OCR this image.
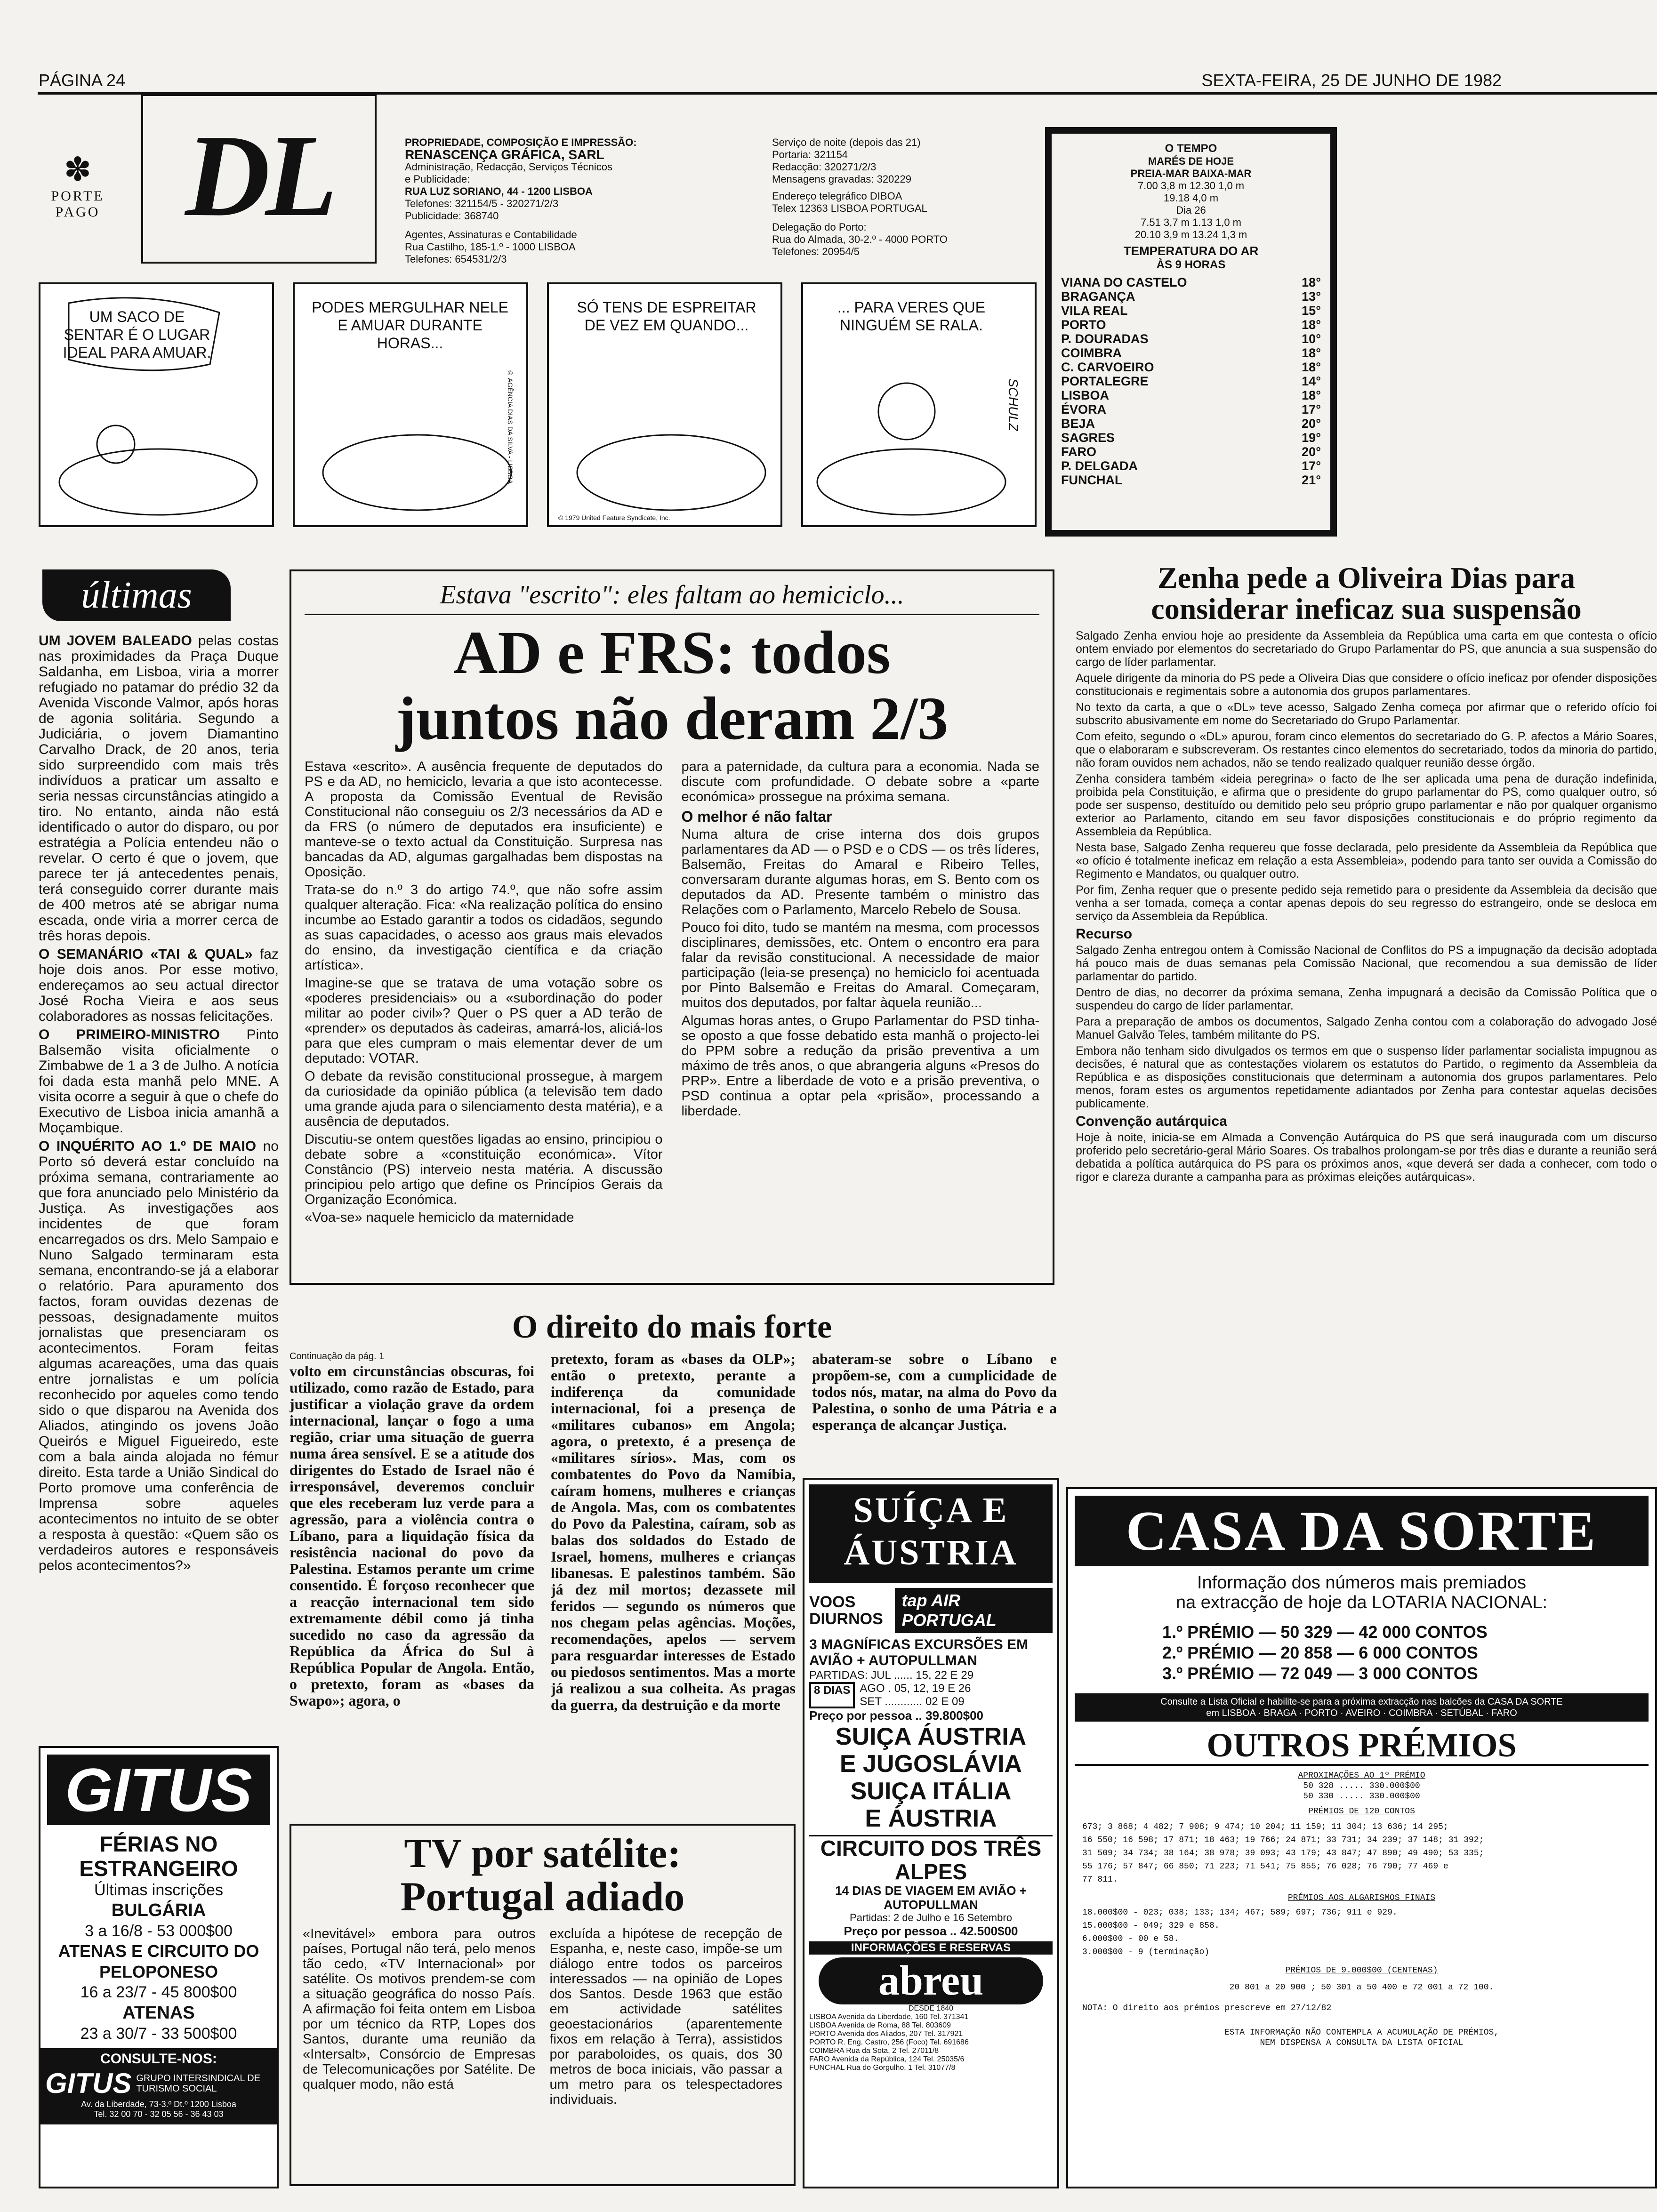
PÁGINA 24	SEXTA-FEIRA, 25 DE JUNHO DE 1982
✽
PORTE
PAGO DL	PROPRIEDADE, COMPOSIÇÃO E IMPRESSÃO:
RENASCENÇA GRÁFICA, SARL
Administração, Redacção, Serviços Técnicos
e Publicidade:
RUA LUZ SORIANO, 44 - 1200 LISBOA
Telefones: 321154/5 - 320271/2/3
Publicidade: 368740
Agentes, Assinaturas e Contabilidade
Rua Castilho, 185-1.º - 1000 LISBOA
Telefones: 654531/2/3
Serviço de noite (depois das 21)
Portaria: 321154
Redacção: 320271/2/3
Mensagens gravadas: 320229
Endereço telegráfico DIBOA
Telex 12363 LISBOA PORTUGAL
Delegação do Porto:
Rua do Almada, 30-2.º - 4000 PORTO
Telefones: 20954/5
UM SACO DE SENTAR É O LUGAR IDEAL PARA AMUAR.
PODES MERGULHAR NELE E AMUAR DURANTE HORAS...
© AGÊNCIA DIAS DA SILVA - LISBOA
SÓ TENS DE ESPREITAR DE VEZ EM QUANDO...
© 1979 United Feature Syndicate, Inc.
... PARA VERES QUE NINGUÉM SE RALA.
SCHULZ
O TEMPO
MARÉS DE HOJE
PREIA-MAR BAIXA-MAR
7.00 3,8 m 12.30 1,0 m
19.18 4,0 m
Dia 26
7.51 3,7 m 1.13 1,0 m
20.10 3,9 m 13.24 1,3 m
TEMPERATURA DO AR
ÀS 9 HORAS
VIANA DO CASTELO	18°
BRAGANÇA	13°
VILA REAL	15°
PORTO	18°
P. DOURADAS	10°
COIMBRA	18°
C. CARVOEIRO	18°
PORTALEGRE	14°
LISBOA	18°
ÉVORA	17°
BEJA	20°
SAGRES	19°
FARO	20°
P. DELGADA	17°
FUNCHAL	21°
últimas

UM JOVEM BALEADO pelas costas nas proximidades da Praça Duque Saldanha, em Lisboa, viria a morrer refugiado no patamar do prédio 32 da Avenida Visconde Valmor, após horas de agonia solitária. Segundo a Judiciária, o jovem Diamantino Carvalho Drack, de 20 anos, teria sido surpreendido com mais três indivíduos a praticar um assalto e seria nessas circunstâncias atingido a tiro. No entanto, ainda não está identificado o autor do disparo, ou por estratégia a Polícia entendeu não o revelar. O certo é que o jovem, que parece ter já antecedentes penais, terá conseguido correr durante mais de 400 metros até se abrigar numa escada, onde viria a morrer cerca de três horas depois.

O SEMANÁRIO «TAI & QUAL» faz hoje dois anos. Por esse motivo, endereçamos ao seu actual director José Rocha Vieira e aos seus colaboradores as nossas felicitações.

O PRIMEIRO-MINISTRO Pinto Balsemão visita oficialmente o Zimbabwe de 1 a 3 de Julho. A notícia foi dada esta manhã pelo MNE. A visita ocorre a seguir à que o chefe do Executivo de Lisboa inicia amanhã a Moçambique.

O INQUÉRITO AO 1.º DE MAIO no Porto só deverá estar concluído na próxima semana, contrariamente ao que fora anunciado pelo Ministério da Justiça. As investigações aos incidentes de que foram encarregados os drs. Melo Sampaio e Nuno Salgado terminaram esta semana, encontrando-se já a elaborar o relatório. Para apuramento dos factos, foram ouvidas dezenas de pessoas, designadamente muitos jornalistas que presenciaram os acontecimentos. Foram feitas algumas acareações, uma das quais entre jornalistas e um polícia reconhecido por aqueles como tendo sido o que disparou na Avenida dos Aliados, atingindo os jovens João Queirós e Miguel Figueiredo, este com a bala ainda alojada no fémur direito. Esta tarde a União Sindical do Porto promove uma conferência de Imprensa sobre aqueles acontecimentos no intuito de se obter a resposta à questão: «Quem são os verdadeiros autores e responsáveis pelos acontecimentos?»

GITUS
FÉRIAS NO ESTRANGEIRO
Últimas inscrições
BULGÁRIA
3 a 16/8 - 53 000$00
ATENAS E CIRCUITO DO PELOPONESO
16 a 23/7 - 45 800$00
ATENAS
23 a 30/7 - 33 500$00
CONSULTE-NOS:
GITUS GRUPO INTERSINDICAL DE TURISMO SOCIAL
Av. da Liberdade, 73-3.º Dt.º 1200 Lisboa
Tel. 32 00 70 - 32 05 56 - 36 43 03
Estava "escrito": eles faltam ao hemiciclo...
AD e FRS: todos juntos não deram 2/3

Estava «escrito». A ausência frequente de deputados do PS e da AD, no hemiciclo, levaria a que isto acontecesse. A proposta da Comissão Eventual de Revisão Constitucional não conseguiu os 2/3 necessários da AD e da FRS (o número de deputados era insuficiente) e manteve-se o texto actual da Constituição. Surpresa nas bancadas da AD, algumas gargalhadas bem dispostas na Oposição.

Trata-se do n.º 3 do artigo 74.º, que não sofre assim qualquer alteração. Fica: «Na realização política do ensino incumbe ao Estado garantir a todos os cidadãos, segundo as suas capacidades, o acesso aos graus mais elevados do ensino, da investigação científica e da criação artística».

Imagine-se que se tratava de uma votação sobre os «poderes presidenciais» ou a «subordinação do poder militar ao poder civil»? Quer o PS quer a AD terão de «prender» os deputados às cadeiras, amarrá-los, aliciá-los para que eles cumpram o mais elementar dever de um deputado: VOTAR.

O debate da revisão constitucional prossegue, à margem da curiosidade da opinião pública (a televisão tem dado uma grande ajuda para o silenciamento desta matéria), e a ausência de deputados.

Discutiu-se ontem questões ligadas ao ensino, principiou o debate sobre a «constituição económica». Vítor Constâncio (PS) interveio nesta matéria. A discussão principiou pelo artigo que define os Princípios Gerais da Organização Económica.

«Voa-se» naquele hemiciclo da maternidade

para a paternidade, da cultura para a economia. Nada se discute com profundidade. O debate sobre a «parte económica» prossegue na próxima semana.

O melhor é não faltar

Numa altura de crise interna dos dois grupos parlamentares da AD — o PSD e o CDS — os três líderes, Balsemão, Freitas do Amaral e Ribeiro Telles, conversaram durante algumas horas, em S. Bento com os deputados da AD. Presente também o ministro das Relações com o Parlamento, Marcelo Rebelo de Sousa.

Pouco foi dito, tudo se mantém na mesma, com processos disciplinares, demissões, etc. Ontem o encontro era para falar da revisão constitucional. A necessidade de maior participação (leia-se presença) no hemiciclo foi acentuada por Pinto Balsemão e Freitas do Amaral. Começaram, muitos dos deputados, por faltar àquela reunião...

Algumas horas antes, o Grupo Parlamentar do PSD tinha-se oposto a que fosse debatido esta manhã o projecto-lei do PPM sobre a redução da prisão preventiva a um máximo de três anos, o que abrangeria alguns «Presos do PRP». Entre a liberdade de voto e a prisão preventiva, o PSD continua a optar pela «prisão», processando a liberdade.

Zenha pede a Oliveira Dias para considerar ineficaz sua suspensão

Salgado Zenha enviou hoje ao presidente da Assembleia da República uma carta em que contesta o ofício ontem enviado por elementos do secretariado do Grupo Parlamentar do PS, que anuncia a sua suspensão do cargo de líder parlamentar.

Aquele dirigente da minoria do PS pede a Oliveira Dias que considere o ofício ineficaz por ofender disposições constitucionais e regimentais sobre a autonomia dos grupos parlamentares.

No texto da carta, a que o «DL» teve acesso, Salgado Zenha começa por afirmar que o referido ofício foi subscrito abusivamente em nome do Secretariado do Grupo Parlamentar.

Com efeito, segundo o «DL» apurou, foram cinco elementos do secretariado do G. P. afectos a Mário Soares, que o elaboraram e subscreveram. Os restantes cinco elementos do secretariado, todos da minoria do partido, não foram ouvidos nem achados, não se tendo realizado qualquer reunião desse órgão.

Zenha considera também «ideia peregrina» o facto de lhe ser aplicada uma pena de duração indefinida, proibida pela Constituição, e afirma que o presidente do grupo parlamentar do PS, como qualquer outro, só pode ser suspenso, destituído ou demitido pelo seu próprio grupo parlamentar e não por qualquer organismo exterior ao Parlamento, citando em seu favor disposições constitucionais e do próprio regimento da Assembleia da República.

Nesta base, Salgado Zenha requereu que fosse declarada, pelo presidente da Assembleia da República que «o ofício é totalmente ineficaz em relação a esta Assembleia», podendo para tanto ser ouvida a Comissão do Regimento e Mandatos, ou qualquer outro.

Por fim, Zenha requer que o presente pedido seja remetido para o presidente da Assembleia da decisão que venha a ser tomada, começa a contar apenas depois do seu regresso do estrangeiro, onde se desloca em serviço da Assembleia da República.

Recurso

Salgado Zenha entregou ontem à Comissão Nacional de Conflitos do PS a impugnação da decisão adoptada há pouco mais de duas semanas pela Comissão Nacional, que recomendou a sua demissão de líder parlamentar do partido.

Dentro de dias, no decorrer da próxima semana, Zenha impugnará a decisão da Comissão Política que o suspendeu do cargo de líder parlamentar.

Para a preparação de ambos os documentos, Salgado Zenha contou com a colaboração do advogado José Manuel Galvão Teles, também militante do PS.

Embora não tenham sido divulgados os termos em que o suspenso líder parlamentar socialista impugnou as decisões, é natural que as contestações violarem os estatutos do Partido, o regimento da Assembleia da República e as disposições constitucionais que determinam a autonomia dos grupos parlamentares. Pelo menos, foram estes os argumentos repetidamente adiantados por Zenha para contestar aquelas decisões publicamente.

Convenção autárquica

Hoje à noite, inicia-se em Almada a Convenção Autárquica do PS que será inaugurada com um discurso proferido pelo secretário-geral Mário Soares. Os trabalhos prolongam-se por três dias e durante a reunião será debatida a política autárquica do PS para os próximos anos, «que deverá ser dada a conhecer, com todo o rigor e clareza durante a campanha para as próximas eleições autárquicas».

O direito do mais forte
Continuação da pág. 1
volto em circunstâncias obscuras, foi utilizado, como razão de Estado, para justificar a violação grave da ordem internacional, lançar o fogo a uma região, criar uma situação de guerra numa área sensível. E se a atitude dos dirigentes do Estado de Israel não é irresponsável, deveremos concluir que eles receberam luz verde para a agressão, para a violência contra o Líbano, para a liquidação física da resistência nacional do povo da Palestina. Estamos perante um crime consentido. É forçoso reconhecer que a reacção internacional tem sido extremamente débil como já tinha sucedido no caso da agressão da República da África do Sul à República Popular de Angola. Então, o pretexto, foram as «bases da Swapo»; agora, o
pretexto, foram as «bases da OLP»; então o pretexto, perante a indiferença da comunidade internacional, foi a presença de «militares cubanos» em Angola; agora, o pretexto, é a presença de «militares sírios». Mas, com os combatentes do Povo da Namíbia, caíram homens, mulheres e crianças de Angola. Mas, com os combatentes do Povo da Palestina, caíram, sob as balas dos soldados do Estado de Israel, homens, mulheres e crianças libanesas. E palestinos também. São já dez mil mortos; dezassete mil feridos — segundo os números que nos chegam pelas agências. Moções, recomendações, apelos — servem para resguardar interesses de Estado ou piedosos sentimentos. Mas a morte já realizou a sua colheita. As pragas da guerra, da destruição e da morte
abateram-se sobre o Líbano e propõem-se, com a cumplicidade de todos nós, matar, na alma do Povo da Palestina, o sonho de uma Pátria e a esperança de alcançar Justiça.
TV por satélite: Portugal adiado
«Inevitável» embora para outros países, Portugal não terá, pelo menos tão cedo, «TV Internacional» por satélite. Os motivos prendem-se com a situação geográfica do nosso País. A afirmação foi feita ontem em Lisboa por um técnico da RTP, Lopes dos Santos, durante uma reunião da «Intersalt», Consórcio de Empresas de Telecomunicações por Satélite. De qualquer modo, não está
excluída a hipótese de recepção de Espanha, e, neste caso, impõe-se um diálogo entre todos os parceiros interessados — na opinião de Lopes dos Santos. Desde 1963 que estão em actividade satélites geoestacionários (aparentemente fixos em relação à Terra), assistidos por paraboloides, os quais, dos 30 metros de boca iniciais, vão passar a um metro para os telespectadores individuais.
SUÍÇA E ÁUSTRIA
VOOS DIURNOS
tap AIR PORTUGAL
3 MAGNÍFICAS EXCURSÕES EM AVIÃO + AUTOPULLMAN
PARTIDAS: JUL ...... 15, 22 E 29
8 DIAS AGO . 05, 12, 19 E 26
SET ............ 02 E 09
Preço por pessoa .. 39.800$00
SUIÇA ÁUSTRIA
E JUGOSLÁVIA
SUIÇA ITÁLIA
E ÁUSTRIA
CIRCUITO DOS TRÊS ALPES
14 DIAS DE VIAGEM EM AVIÃO + AUTOPULLMAN
Partidas: 2 de Julho e 16 Setembro
Preço por pessoa .. 42.500$00
INFORMAÇÕES E RESERVAS
abreu
DESDE 1840
LISBOA Avenida da Liberdade, 160 Tel. 371341
LISBOA Avenida de Roma, 88 Tel. 803609
PORTO Avenida dos Aliados, 207 Tel. 317921
PORTO R. Eng. Castro, 256 (Foco) Tel. 691686
COIMBRA Rua da Sota, 2 Tel. 27011/8
FARO Avenida da República, 124 Tel. 25035/6
FUNCHAL Rua do Gorgulho, 1 Tel. 31077/8
CASA DA SORTE
Informação dos números mais premiados
na extracção de hoje da LOTARIA NACIONAL:
1.º PRÉMIO — 50 329 — 42 000 CONTOS
2.º PRÉMIO — 20 858 — 6 000 CONTOS
3.º PRÉMIO — 72 049 — 3 000 CONTOS
Consulte a Lista Oficial e habilite-se para a próxima extracção nas balcões da CASA DA SORTE
em LISBOA · BRAGA · PORTO · AVEIRO · COIMBRA · SETÚBAL · FARO
OUTROS PRÉMIOS
APROXIMAÇÕES AO 1º PRÉMIO
50 328 ..... 330.000$00
50 330 ..... 330.000$00
PRÉMIOS DE 120 CONTOS
673; 3 868; 4 482; 7 908; 9 474; 10 204; 11 159; 11 304; 13 636; 14 295;
16 550; 16 598; 17 871; 18 463; 19 766; 24 871; 33 731; 34 239; 37 148; 31 392;
31 509; 34 734; 38 164; 38 978; 39 093; 43 179; 43 847; 47 890; 49 490; 53 335;
55 176; 57 847; 66 850; 71 223; 71 541; 75 855; 76 028; 76 790; 77 469 e
77 811.
PRÉMIOS AOS ALGARISMOS FINAIS
18.000$00 - 023; 038; 133; 134; 467; 589; 697; 736; 911 e 929.
15.000$00 - 049; 329 e 858.
6.000$00 - 00 e 58.
3.000$00 - 9 (terminação)
PRÉMIOS DE 9.000$00 (CENTENAS)
20 801 a 20 900 ; 50 301 a 50 400 e 72 001 a 72 100.
NOTA: O direito aos prémios prescreve em 27/12/82
ESTA INFORMAÇÃO NÃO CONTEMPLA A ACUMULAÇÃO DE PRÉMIOS,
NEM DISPENSA A CONSULTA DA LISTA OFICIAL
